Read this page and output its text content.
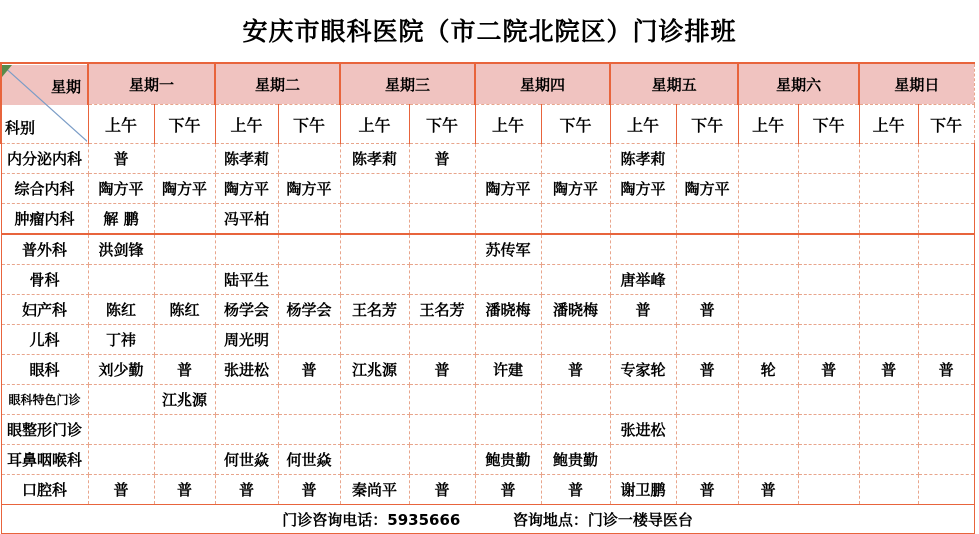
安庆市眼科医院（市二院北院区）门诊排班
星期
科别	星期一		星期二		星期三		星期四		星期五		星期六		星期日	
	上午	下午	上午	下午	上午	下午	上午	下午	上午	下午	上午	下午	上午	下午
内分泌内科	普		陈孝莉		陈孝莉	普			陈孝莉					
综合内科	陶方平	陶方平	陶方平	陶方平			陶方平	陶方平	陶方平	陶方平				
肿瘤内科	解 鹏		冯平柏											
普外科	洪剑锋						苏传军							
骨科			陆平生						唐举峰					
妇产科	陈红	陈红	杨学会	杨学会	王名芳	王名芳	潘晓梅	潘晓梅	普	普				
儿科	丁祎		周光明											
眼科	刘少勤	普	张进松	普	江兆源	普	许建	普	专家轮	普	轮	普	普	普
眼科特色门诊		江兆源												
眼整形门诊									张进松					
耳鼻咽喉科			何世焱	何世焱			鲍贵勤	鲍贵勤						
口腔科	普	普	普	普	秦尚平	普	普	普	谢卫鹏	普	普			
门诊咨询电话：5935666 咨询地点：门诊一楼导医台														
